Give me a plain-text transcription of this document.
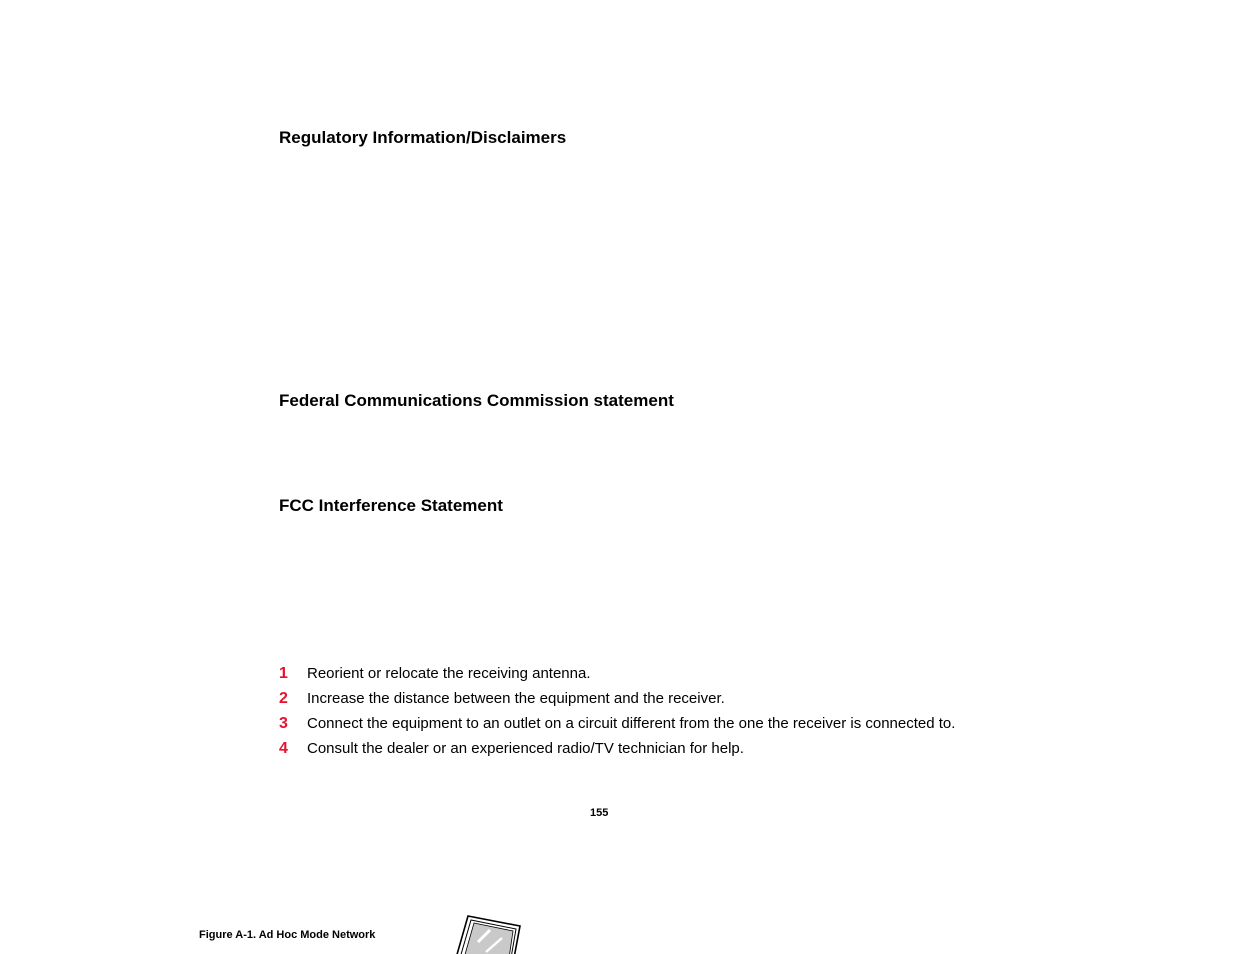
Regulatory Information/Disclaimers
Federal Communications Commission statement
FCC Interference Statement
1 Reorient or relocate the receiving antenna.
2 Increase the distance between the equipment and the receiver.
3 Connect the equipment to an outlet on a circuit different from the one the receiver is connected to.
4 Consult the dealer or an experienced radio/TV technician for help.
155
Figure A-1. Ad Hoc Mode Network
